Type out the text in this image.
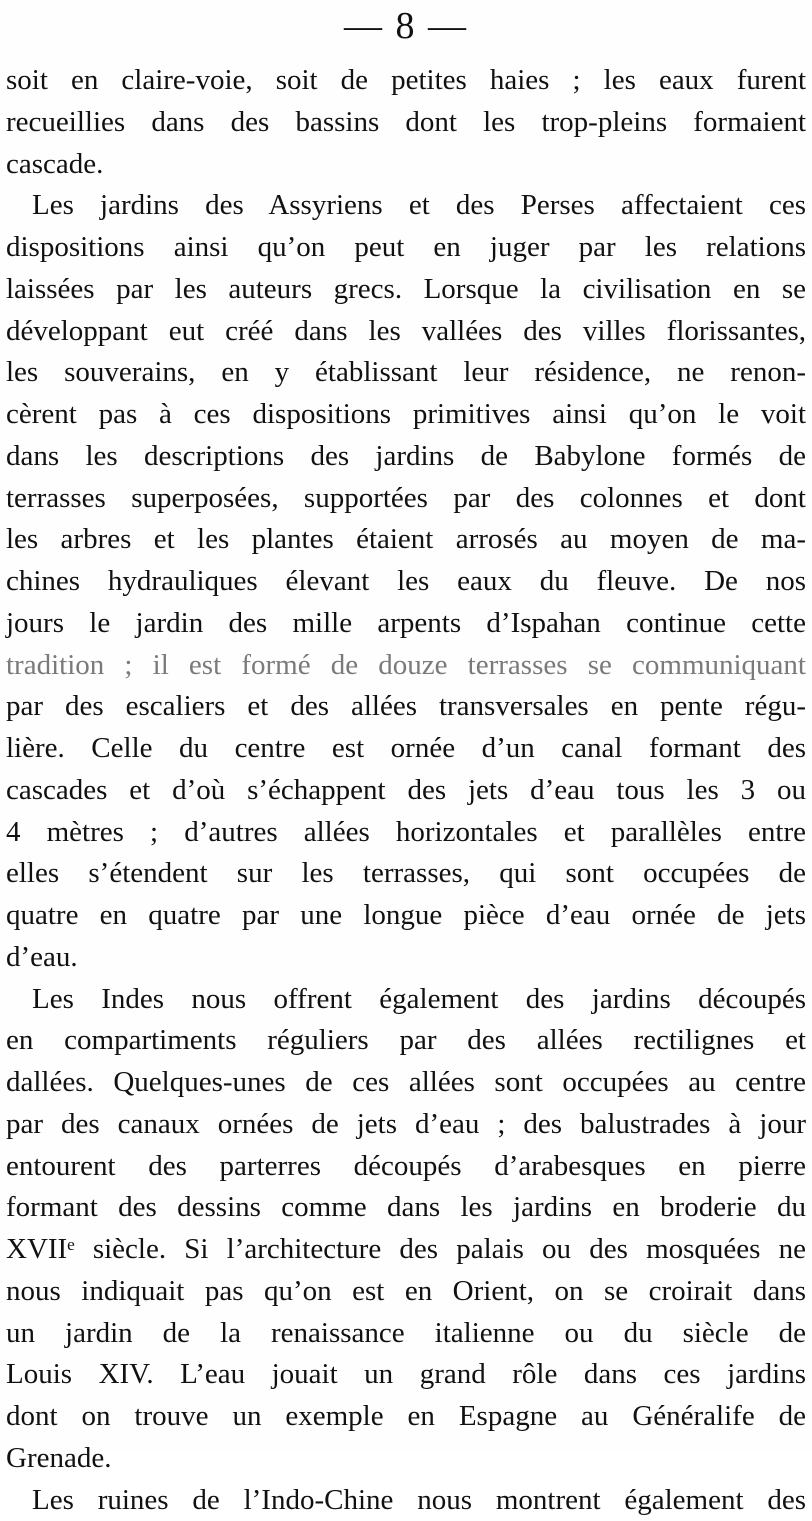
— 8 —
soit en claire-voie, soit de petites haies ; les eaux furent
recueillies dans des bassins dont les trop-pleins formaient
cascade.
Les jardins des Assyriens et des Perses affectaient ces
dispositions ainsi qu’on peut en juger par les relations
laissées par les auteurs grecs. Lorsque la civilisation en se
développant eut créé dans les vallées des villes florissantes,
les souverains, en y établissant leur résidence, ne renon-
cèrent pas à ces dispositions primitives ainsi qu’on le voit
dans les descriptions des jardins de Babylone formés de
terrasses superposées, supportées par des colonnes et dont
les arbres et les plantes étaient arrosés au moyen de ma-
chines hydrauliques élevant les eaux du fleuve. De nos
jours le jardin des mille arpents d’Ispahan continue cette
tradition ; il est formé de douze terrasses se communiquant
par des escaliers et des allées transversales en pente régu-
lière. Celle du centre est ornée d’un canal formant des
cascades et d’où s’échappent des jets d’eau tous les 3 ou
4 mètres ; d’autres allées horizontales et parallèles entre
elles s’étendent sur les terrasses, qui sont occupées de
quatre en quatre par une longue pièce d’eau ornée de jets
d’eau.
Les Indes nous offrent également des jardins découpés
en compartiments réguliers par des allées rectilignes et
dallées. Quelques-unes de ces allées sont occupées au centre
par des canaux ornées de jets d’eau ; des balustrades à jour
entourent des parterres découpés d’arabesques en pierre
formant des dessins comme dans les jardins en broderie du
XVIIᵉ siècle. Si l’architecture des palais ou des mosquées ne
nous indiquait pas qu’on est en Orient, on se croirait dans
un jardin de la renaissance italienne ou du siècle de
Louis XIV. L’eau jouait un grand rôle dans ces jardins
dont on trouve un exemple en Espagne au Généralife de
Grenade.
Les ruines de l’Indo-Chine nous montrent également des
